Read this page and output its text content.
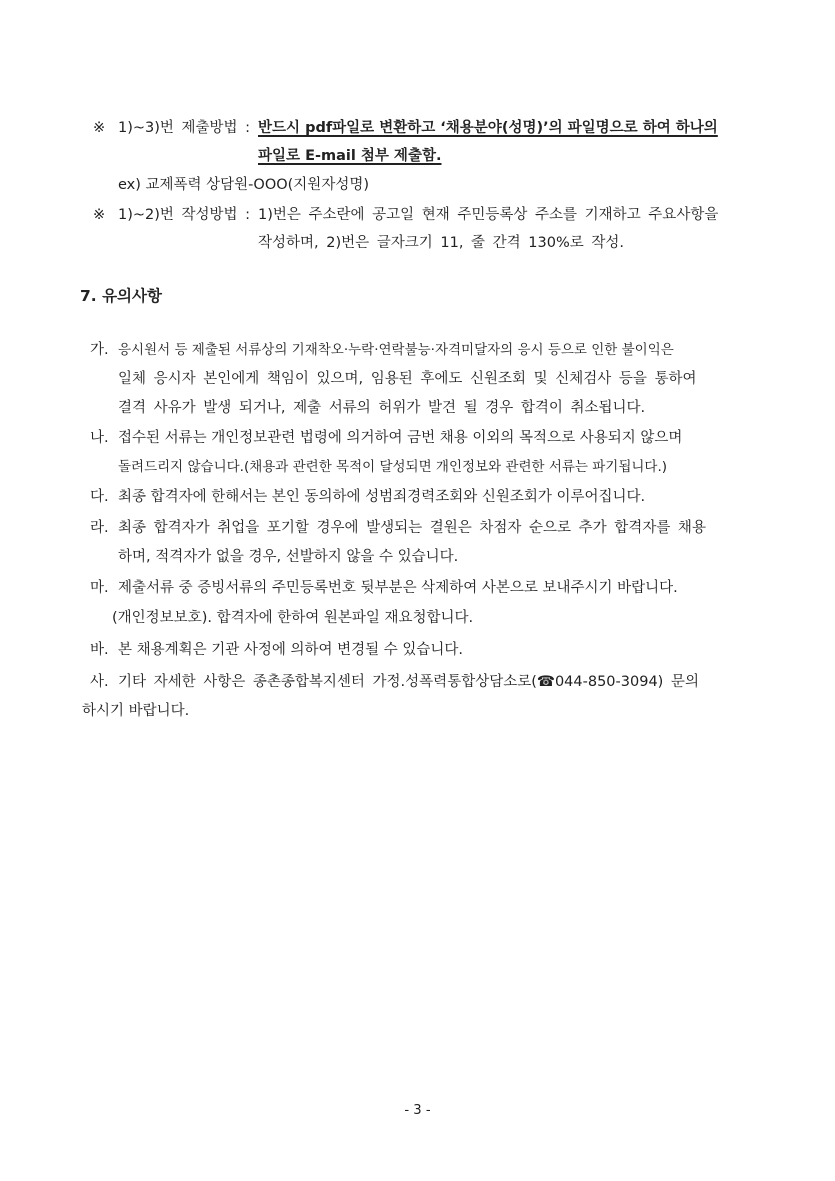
※ 1)~3)번 제출방법 : 반드시 pdf파일로 변환하고 ‘채용분야(성명)’의 파일명으로 하여 하나의
파일로 E-mail 첨부 제출함.
ex) 교제폭력 상담원-OOO(지원자성명)
※ 1)~2)번 작성방법 : 1)번은 주소란에 공고일 현재 주민등록상 주소를 기재하고 주요사항을
작성하며, 2)번은 글자크기 11, 줄 간격 130%로 작성.
7. 유의사항
가. 응시원서 등 제출된 서류상의 기재착오·누락·연락불능·자격미달자의 응시 등으로 인한 불이익은
일체 응시자 본인에게 책임이 있으며, 임용된 후에도 신원조회 및 신체검사 등을 통하여
결격 사유가 발생 되거나, 제출 서류의 허위가 발견 될 경우 합격이 취소됩니다.
나. 접수된 서류는 개인정보관련 법령에 의거하여 금번 채용 이외의 목적으로 사용되지 않으며
돌려드리지 않습니다.(채용과 관련한 목적이 달성되면 개인정보와 관련한 서류는 파기됩니다.)
다. 최종 합격자에 한해서는 본인 동의하에 성범죄경력조회와 신원조회가 이루어집니다.
라. 최종 합격자가 취업을 포기할 경우에 발생되는 결원은 차점자 순으로 추가 합격자를 채용
하며, 적격자가 없을 경우, 선발하지 않을 수 있습니다.
마. 제출서류 중 증빙서류의 주민등록번호 뒷부분은 삭제하여 사본으로 보내주시기 바랍니다.
(개인정보보호). 합격자에 한하여 원본파일 재요청합니다.
바. 본 채용계획은 기관 사정에 의하여 변경될 수 있습니다.
사. 기타 자세한 사항은 종촌종합복지센터 가정.성폭력통합상담소로(☎044-850-3094) 문의
하시기 바랍니다.
- 3 -
